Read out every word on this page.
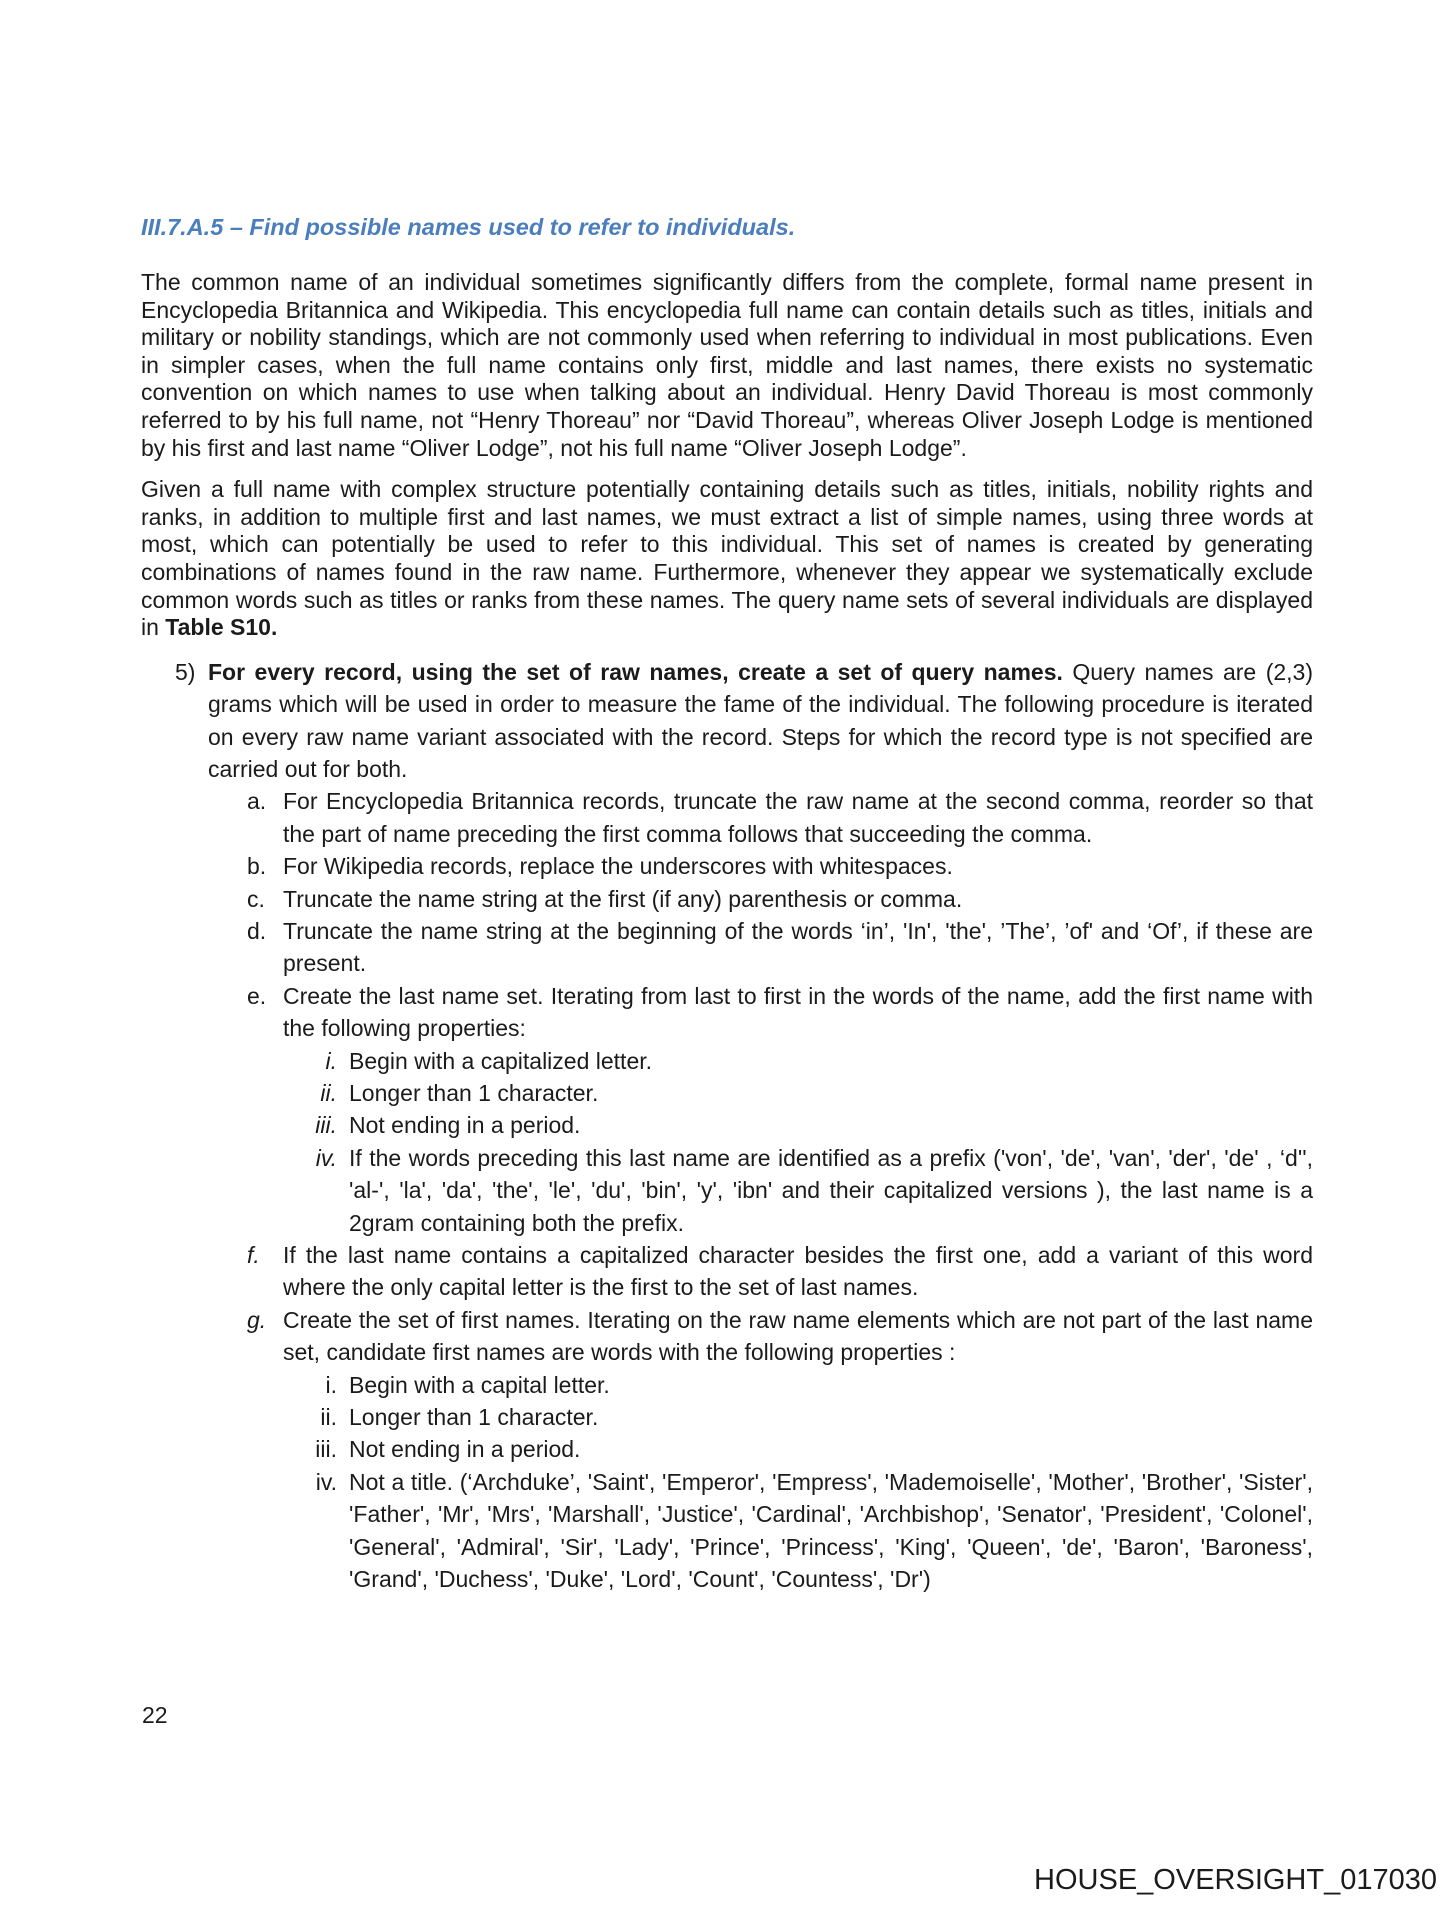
III.7.A.5 – Find possible names used to refer to individuals.

The common name of an individual sometimes significantly differs from the complete, formal name present in Encyclopedia Britannica and Wikipedia. This encyclopedia full name can contain details such as titles, initials and military or nobility standings, which are not commonly used when referring to individual in most publications. Even in simpler cases, when the full name contains only first, middle and last names, there exists no systematic convention on which names to use when talking about an individual. Henry David Thoreau is most commonly referred to by his full name, not “Henry Thoreau” nor “David Thoreau”, whereas Oliver Joseph Lodge is mentioned by his first and last name “Oliver Lodge”, not his full name “Oliver Joseph Lodge”.

Given a full name with complex structure potentially containing details such as titles, initials, nobility rights and ranks, in addition to multiple first and last names, we must extract a list of simple names, using three words at most, which can potentially be used to refer to this individual. This set of names is created by generating combinations of names found in the raw name. Furthermore, whenever they appear we systematically exclude common words such as titles or ranks from these names. The query name sets of several individuals are displayed in Table S10.

5) For every record, using the set of raw names, create a set of query names. Query names are (2,3) grams which will be used in order to measure the fame of the individual. The following procedure is iterated on every raw name variant associated with the record. Steps for which the record type is not specified are carried out for both.
a. For Encyclopedia Britannica records, truncate the raw name at the second comma, reorder so that the part of name preceding the first comma follows that succeeding the comma.
b. For Wikipedia records, replace the underscores with whitespaces.
c. Truncate the name string at the first (if any) parenthesis or comma.
d. Truncate the name string at the beginning of the words ‘in’, 'In', 'the', ’The’, ’of' and ‘Of’, if these are present.
e. Create the last name set. Iterating from last to first in the words of the name, add the first name with the following properties:
i. Begin with a capitalized letter.
ii. Longer than 1 character.
iii. Not ending in a period.
iv. If the words preceding this last name are identified as a prefix ('von', 'de', 'van', 'der', 'de' , ‘d'', 'al-', 'la', 'da', 'the', 'le', 'du', 'bin', 'y', 'ibn' and their capitalized versions ), the last name is a 2gram containing both the prefix.
f. If the last name contains a capitalized character besides the first one, add a variant of this word where the only capital letter is the first to the set of last names.
g. Create the set of first names. Iterating on the raw name elements which are not part of the last name set, candidate first names are words with the following properties :
i. Begin with a capital letter.
ii. Longer than 1 character.
iii. Not ending in a period.
iv. Not a title. (‘Archduke’, 'Saint', 'Emperor', 'Empress', 'Mademoiselle', 'Mother', 'Brother', 'Sister', 'Father', 'Mr', 'Mrs', 'Marshall', 'Justice', 'Cardinal', 'Archbishop', 'Senator', 'President', 'Colonel', 'General', 'Admiral', 'Sir', 'Lady', 'Prince', 'Princess', 'King', 'Queen', 'de', 'Baron', 'Baroness', 'Grand', 'Duchess', 'Duke', 'Lord', 'Count', 'Countess', 'Dr')
22
HOUSE_OVERSIGHT_017030
